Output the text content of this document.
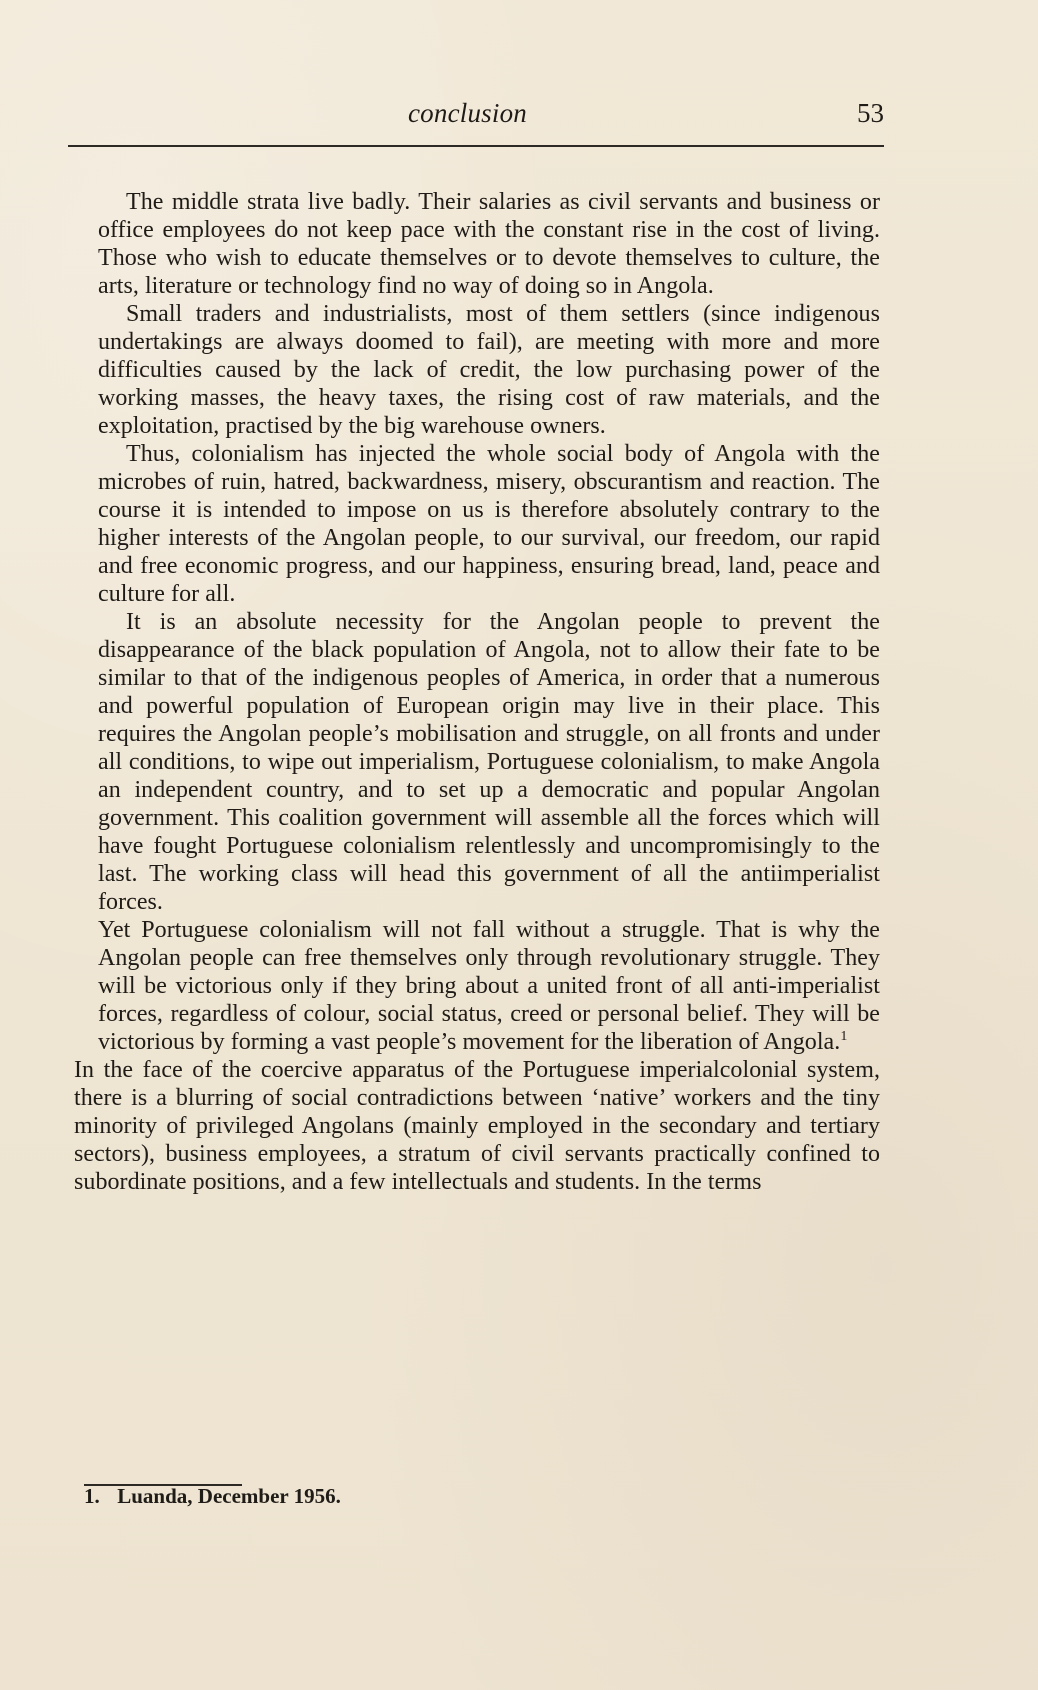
conclusion	53

The middle strata live badly. Their salaries as civil servants and business or office employees do not keep pace with the constant rise in the cost of living. Those who wish to educate themselves or to devote themselves to culture, the arts, literature or technology find no way of doing so in Angola.

Small traders and industrialists, most of them settlers (since indigenous undertakings are always doomed to fail), are meeting with more and more difficulties caused by the lack of credit, the low purchasing power of the working masses, the heavy taxes, the rising cost of raw materials, and the exploitation, practised by the big warehouse owners.

Thus, colonialism has injected the whole social body of Angola with the microbes of ruin, hatred, backwardness, misery, obscurantism and reaction. The course it is intended to impose on us is therefore absolutely contrary to the higher interests of the Angolan people, to our survival, our freedom, our rapid and free economic progress, and our happiness, ensuring bread, land, peace and culture for all.

It is an absolute necessity for the Angolan people to prevent the disappearance of the black population of Angola, not to allow their fate to be similar to that of the indigenous peoples of America, in order that a numerous and powerful population of European origin may live in their place. This requires the Angolan people’s mobilisation and struggle, on all fronts and under all conditions, to wipe out imperialism, Portuguese colonialism, to make Angola an independent country, and to set up a democratic and popular Angolan government. This coalition government will assemble all the forces which will have fought Portuguese colonialism relentlessly and uncompromisingly to the last. The working class will head this government of all the antiimperialist forces.

Yet Portuguese colonialism will not fall without a struggle. That is why the Angolan people can free themselves only through revolutionary struggle. They will be victorious only if they bring about a united front of all anti-imperialist forces, regardless of colour, social status, creed or personal belief. They will be victorious by forming a vast people’s movement for the liberation of Angola.$^1$

In the face of the coercive apparatus of the Portuguese imperialcolonial system, there is a blurring of social contradictions between ‘native’ workers and the tiny minority of privileged Angolans (mainly employed in the secondary and tertiary sectors), business employees, a stratum of civil servants practically confined to subordinate positions, and a few intellectuals and students. In the terms

1. Luanda, December 1956.
